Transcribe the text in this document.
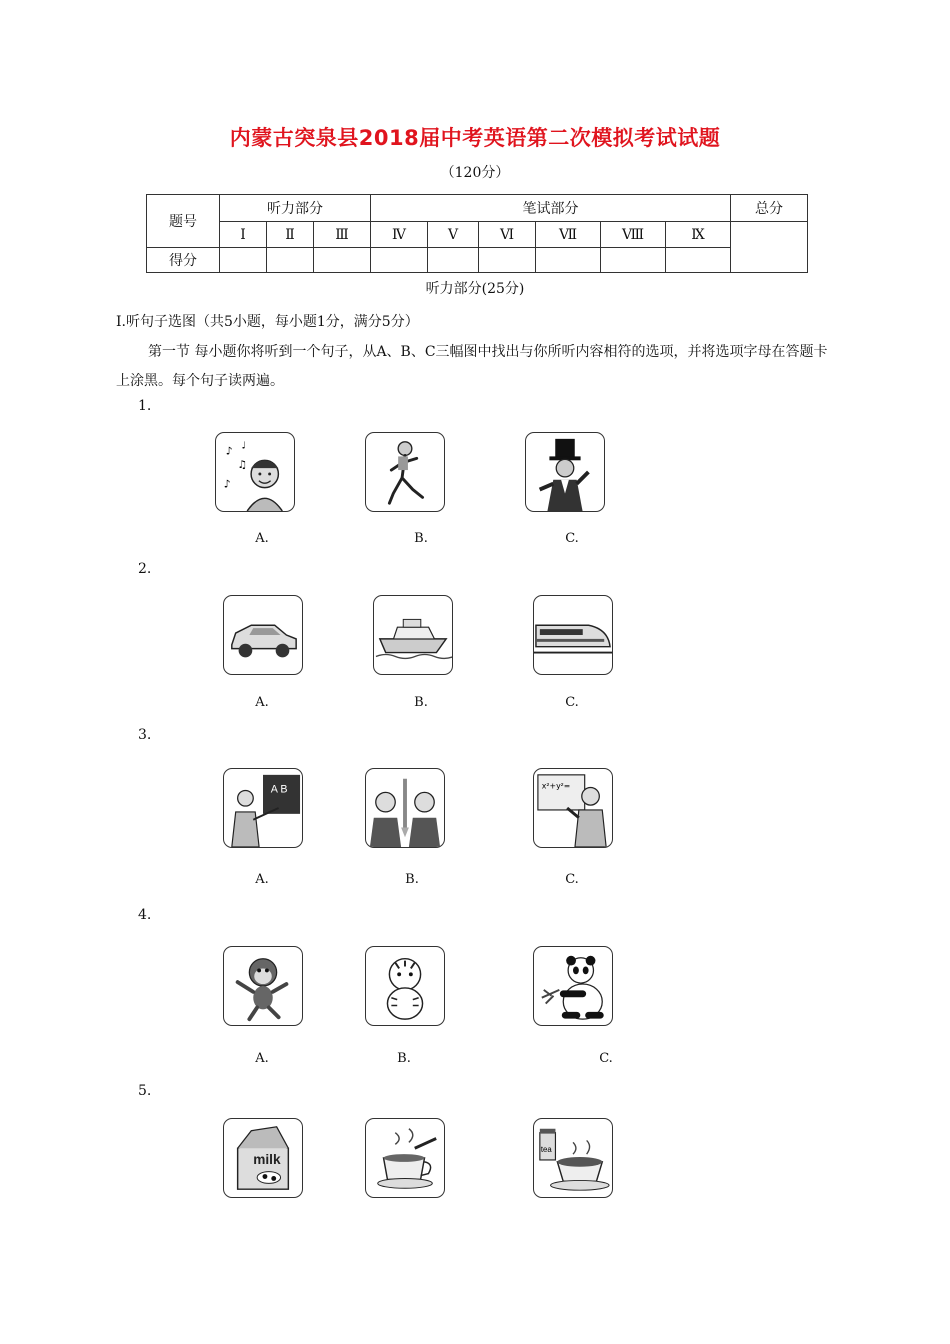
内蒙古突泉县2018届中考英语第二次模拟考试试题
（120分）
题号	听力部分			笔试部分						总分
	Ⅰ	Ⅱ	Ⅲ	Ⅳ	Ⅴ	Ⅵ	Ⅶ	Ⅷ	Ⅸ	
得分										
听力部分(25分)
Ⅰ.听句子选图（共5小题，每小题1分，满分5分）
第一节 每小题你将听到一个句子，从A、B、C三幅图中找出与你所听内容相符的选项，并将选项字母在答题卡上涂黑。每个句子读两遍。
1.
♪
♫
♪
♩
A.	B.	C.
2.
A.	B.	C.
3.
A B	x²+y²=
A.	B.	C.
4.
A.	B.	C.
5.
milk
tea
